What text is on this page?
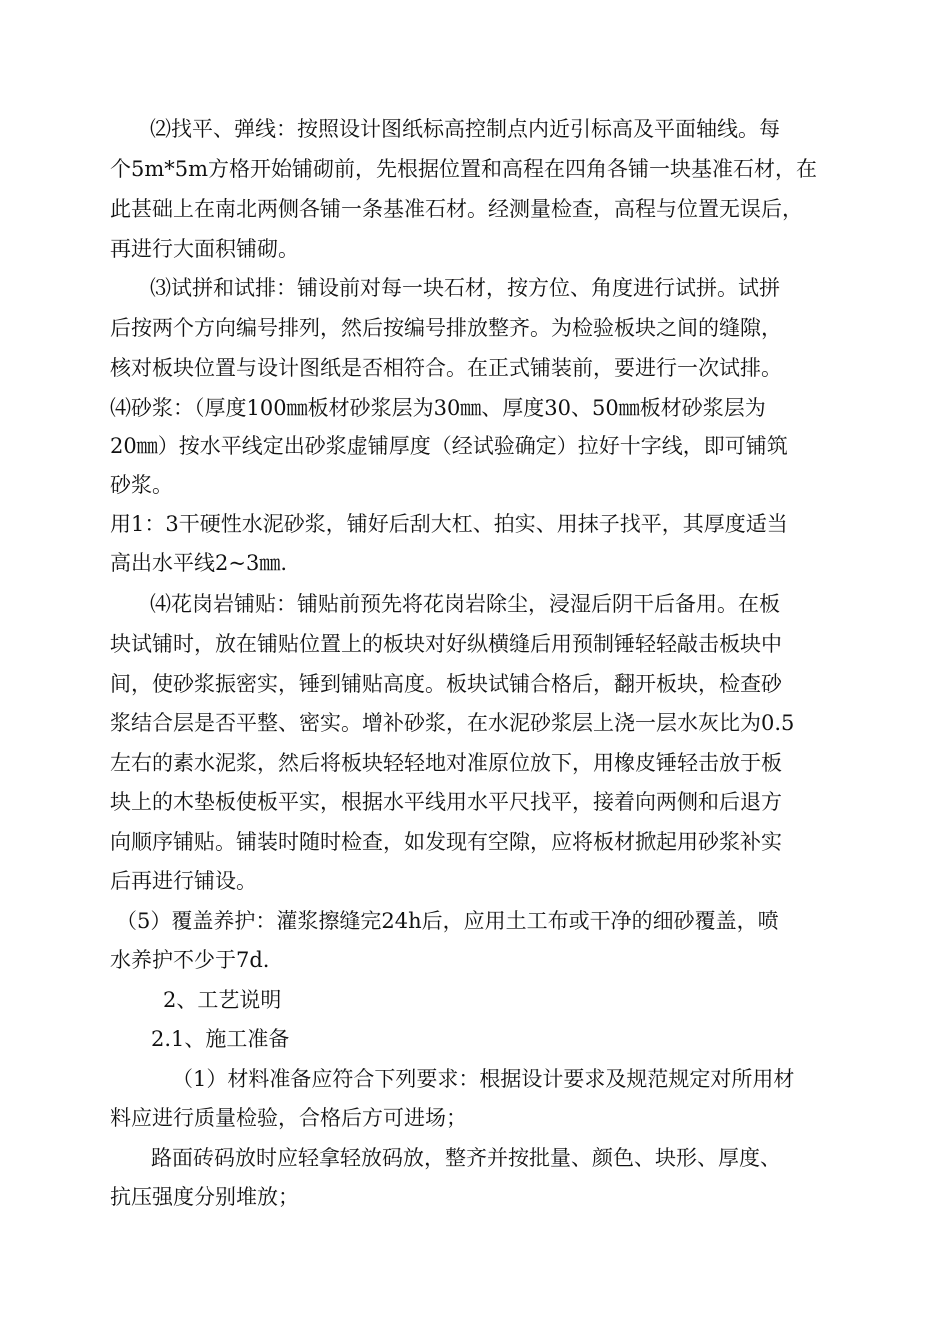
⑵找平、弹线：按照设计图纸标高控制点内近引标高及平面轴线。每
个5m*5m方格开始铺砌前，先根据位置和高程在四角各铺一块基准石材，在
此甚础上在南北两侧各铺一条基准石材。经测量检查，高程与位置无误后，
再进行大面积铺砌。
⑶试拼和试排：铺设前对每一块石材，按方位、角度进行试拼。试拼
后按两个方向编号排列，然后按编号排放整齐。为检验板块之间的缝隙，
核对板块位置与设计图纸是否相符合。在正式铺装前，要进行一次试排。
⑷砂浆：（厚度100㎜板材砂浆层为30㎜、厚度30、50㎜板材砂浆层为
20㎜）按水平线定出砂浆虚铺厚度（经试验确定）拉好十字线，即可铺筑
砂浆。
用1：3干硬性水泥砂浆，铺好后刮大杠、拍实、用抹子找平，其厚度适当
高出水平线2~3㎜.
⑷花岗岩铺贴：铺贴前预先将花岗岩除尘，浸湿后阴干后备用。在板
块试铺时，放在铺贴位置上的板块对好纵横缝后用预制锤轻轻敲击板块中
间，使砂浆振密实，锤到铺贴高度。板块试铺合格后，翻开板块，检查砂
浆结合层是否平整、密实。增补砂浆，在水泥砂浆层上浇一层水灰比为0.5
左右的素水泥浆，然后将板块轻轻地对准原位放下，用橡皮锤轻击放于板
块上的木垫板使板平实，根据水平线用水平尺找平，接着向两侧和后退方
向顺序铺贴。铺装时随时检查，如发现有空隙，应将板材掀起用砂浆补实
后再进行铺设。
（5）覆盖养护：灌浆擦缝完24h后，应用土工布或干净的细砂覆盖，喷
水养护不少于7d.
2、工艺说明
2.1、施工准备
（1）材料准备应符合下列要求：根据设计要求及规范规定对所用材
料应进行质量检验，合格后方可进场；
路面砖码放时应轻拿轻放码放，整齐并按批量、颜色、块形、厚度、
抗压强度分别堆放；
